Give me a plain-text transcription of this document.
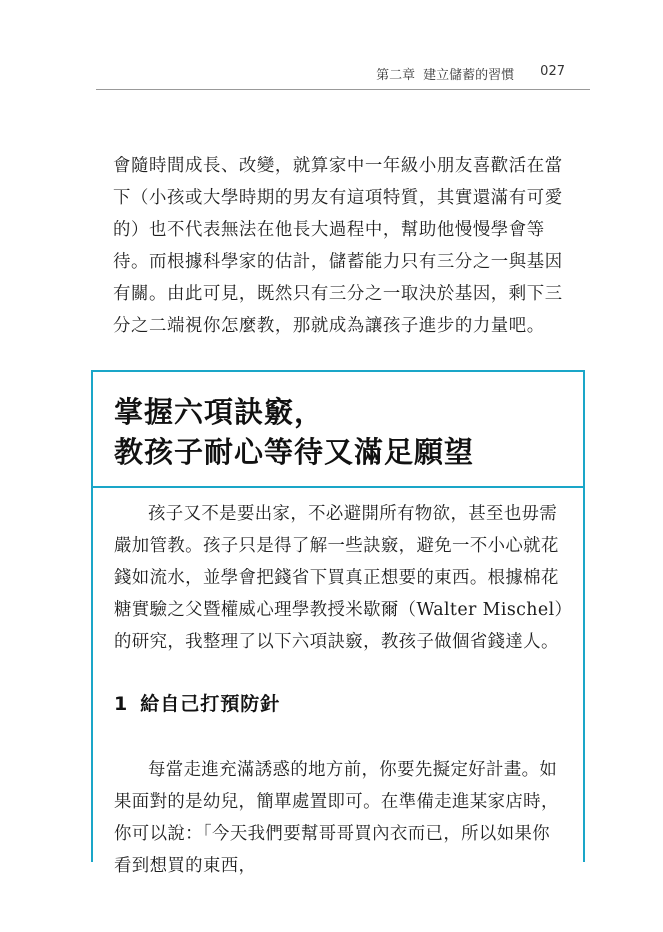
第二章 建立儲蓄的習慣 027

會隨時間成長、改變，就算家中一年級小朋友喜歡活在當下（小孩或大學時期的男友有這項特質，其實還滿有可愛的）也不代表無法在他長大過程中，幫助他慢慢學會等待。而根據科學家的估計，儲蓄能力只有三分之一與基因有關。由此可見，既然只有三分之一取決於基因，剩下三分之二端視你怎麼教，那就成為讓孩子進步的力量吧。

掌握六項訣竅，
教孩子耐心等待又滿足願望

孩子又不是要出家，不必避開所有物欲，甚至也毋需嚴加管教。孩子只是得了解一些訣竅，避免一不小心就花錢如流水，並學會把錢省下買真正想要的東西。根據棉花糖實驗之父暨權威心理學教授米歇爾（Walter Mischel）的研究，我整理了以下六項訣竅，教孩子做個省錢達人。

1 給自己打預防針

每當走進充滿誘惑的地方前，你要先擬定好計畫。如果面對的是幼兒，簡單處置即可。在準備走進某家店時，你可以說：「今天我們要幫哥哥買內衣而已，所以如果你看到想買的東西，
